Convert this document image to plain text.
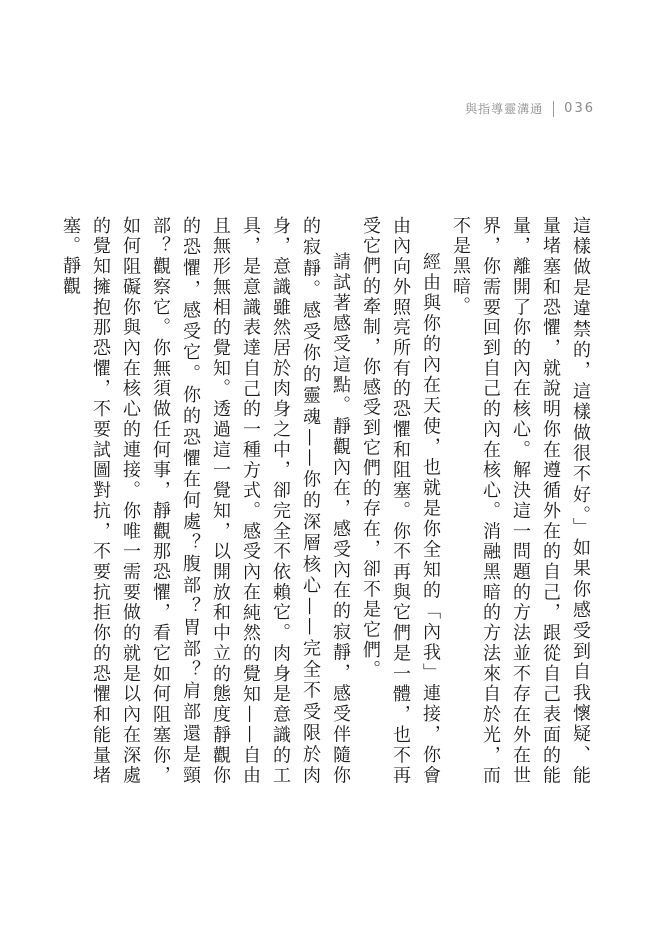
與指導靈溝通 036

這樣做是違禁的，這樣做很不好。」如果你感受到自我懷疑、能量堵塞和恐懼，就說明你在遵循外在的自己，跟從自己表面的能量，離開了你的內在核心。解決這一問題的方法並不存在外在世界，你需要回到自己的內在核心。消融黑暗的方法來自於光，而不是黑暗。

經由與你的內在天使，也就是你全知的「內我」連接，你會由內向外照亮所有的恐懼和阻塞。你不再與它們是一體，也不再受它們的牽制，你感受到它們的存在，卻不是它們。

請試著感受這點。靜觀內在，感受內在的寂靜，感受伴隨你的寂靜。感受你的靈魂——你的深層核心——完全不受限於肉身，意識雖然居於肉身之中，卻完全不依賴它。肉身是意識的工具，是意識表達自己的一種方式。感受內在純然的覺知——自由且無形無相的覺知。透過這一覺知，以開放和中立的態度靜觀你的恐懼，感受它。你的恐懼在何處？腹部？胃部？肩部還是頸部？觀察它。你無須做任何事，靜觀那恐懼，看它如何阻塞你，如何阻礙你與內在核心的連接。你唯一需要做的就是以內在深處的覺知擁抱那恐懼，不要試圖對抗，不要抗拒你的恐懼和能量堵塞。靜觀
